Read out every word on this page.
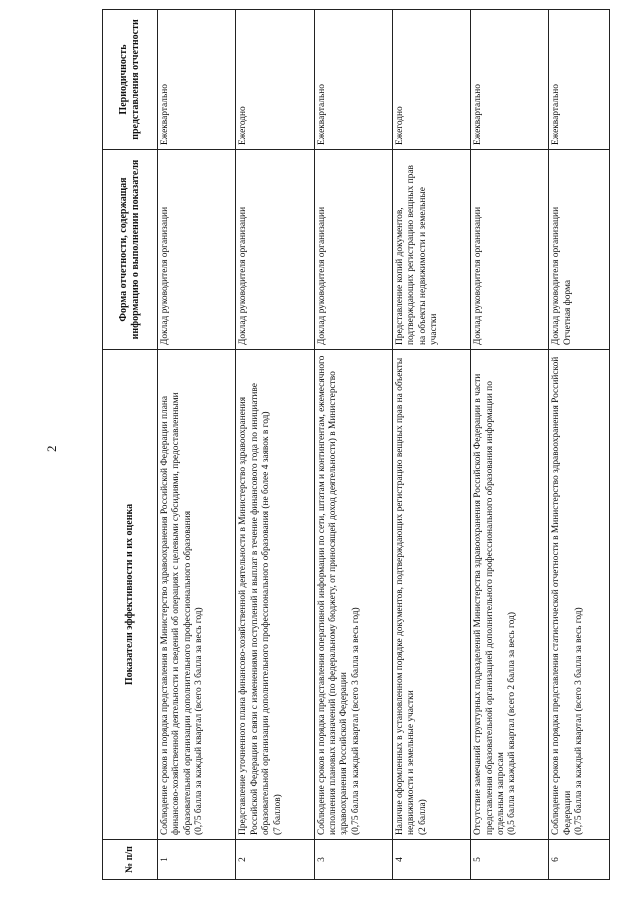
2
№ п/п	Показатели эффективности и их оценка	Форма отчетности, содержащая информацию о выполнении показателя	Периодичность представления отчетности
1	Соблюдение сроков и порядка представления в Министерство здравоохранения Российской Федерации плана финансово-хозяйственной деятельности и сведений об операциях с целевыми субсидиями, предоставленными образовательной организации дополнительного профессионального образования
(0,75 балла за каждый квартал (всего 3 балла за весь год)	Доклад руководителя организации	Ежеквартально
2	Представление уточненного плана финансово-хозяйственной деятельности в Министерство здравоохранения Российской Федерации в связи с изменениями поступлений и выплат в течение финансового года по инициативе образовательной организации дополнительного профессионального образования (не более 4 заявок в год)
(7 баллов)	Доклад руководителя организации	Ежегодно
3	Соблюдение сроков и порядка представления оперативной информации по сети, штатам и контингентам, ежемесячного исполнения плановых назначений (по федеральному бюджету, от приносящей доход деятельности) в Министерство здравоохранения Российской Федерации
(0,75 балла за каждый квартал (всего 3 балла за весь год)	Доклад руководителя организации	Ежеквартально
4	Наличие оформленных в установленном порядке документов, подтверждающих регистрацию вещных прав на объекты недвижимости и земельные участки
(2 балла)	Представление копий документов, подтверждающих регистрацию вещных прав на объекты недвижимости и земельные участки	Ежегодно
5	Отсутствие замечаний структурных подразделений Министерства здравоохранения Российской Федерации в части представления образовательной организацией дополнительного профессионального образования информации по отдельным запросам
(0,5 балла за каждый квартал (всего 2 балла за весь год)	Доклад руководителя организации	Ежеквартально
6	Соблюдение сроков и порядка представления статистической отчетности в Министерство здравоохранения Российской Федерации
(0,75 балла за каждый квартал (всего 3 балла за весь год)	Доклад руководителя организации
Отчетная форма	Ежеквартально
